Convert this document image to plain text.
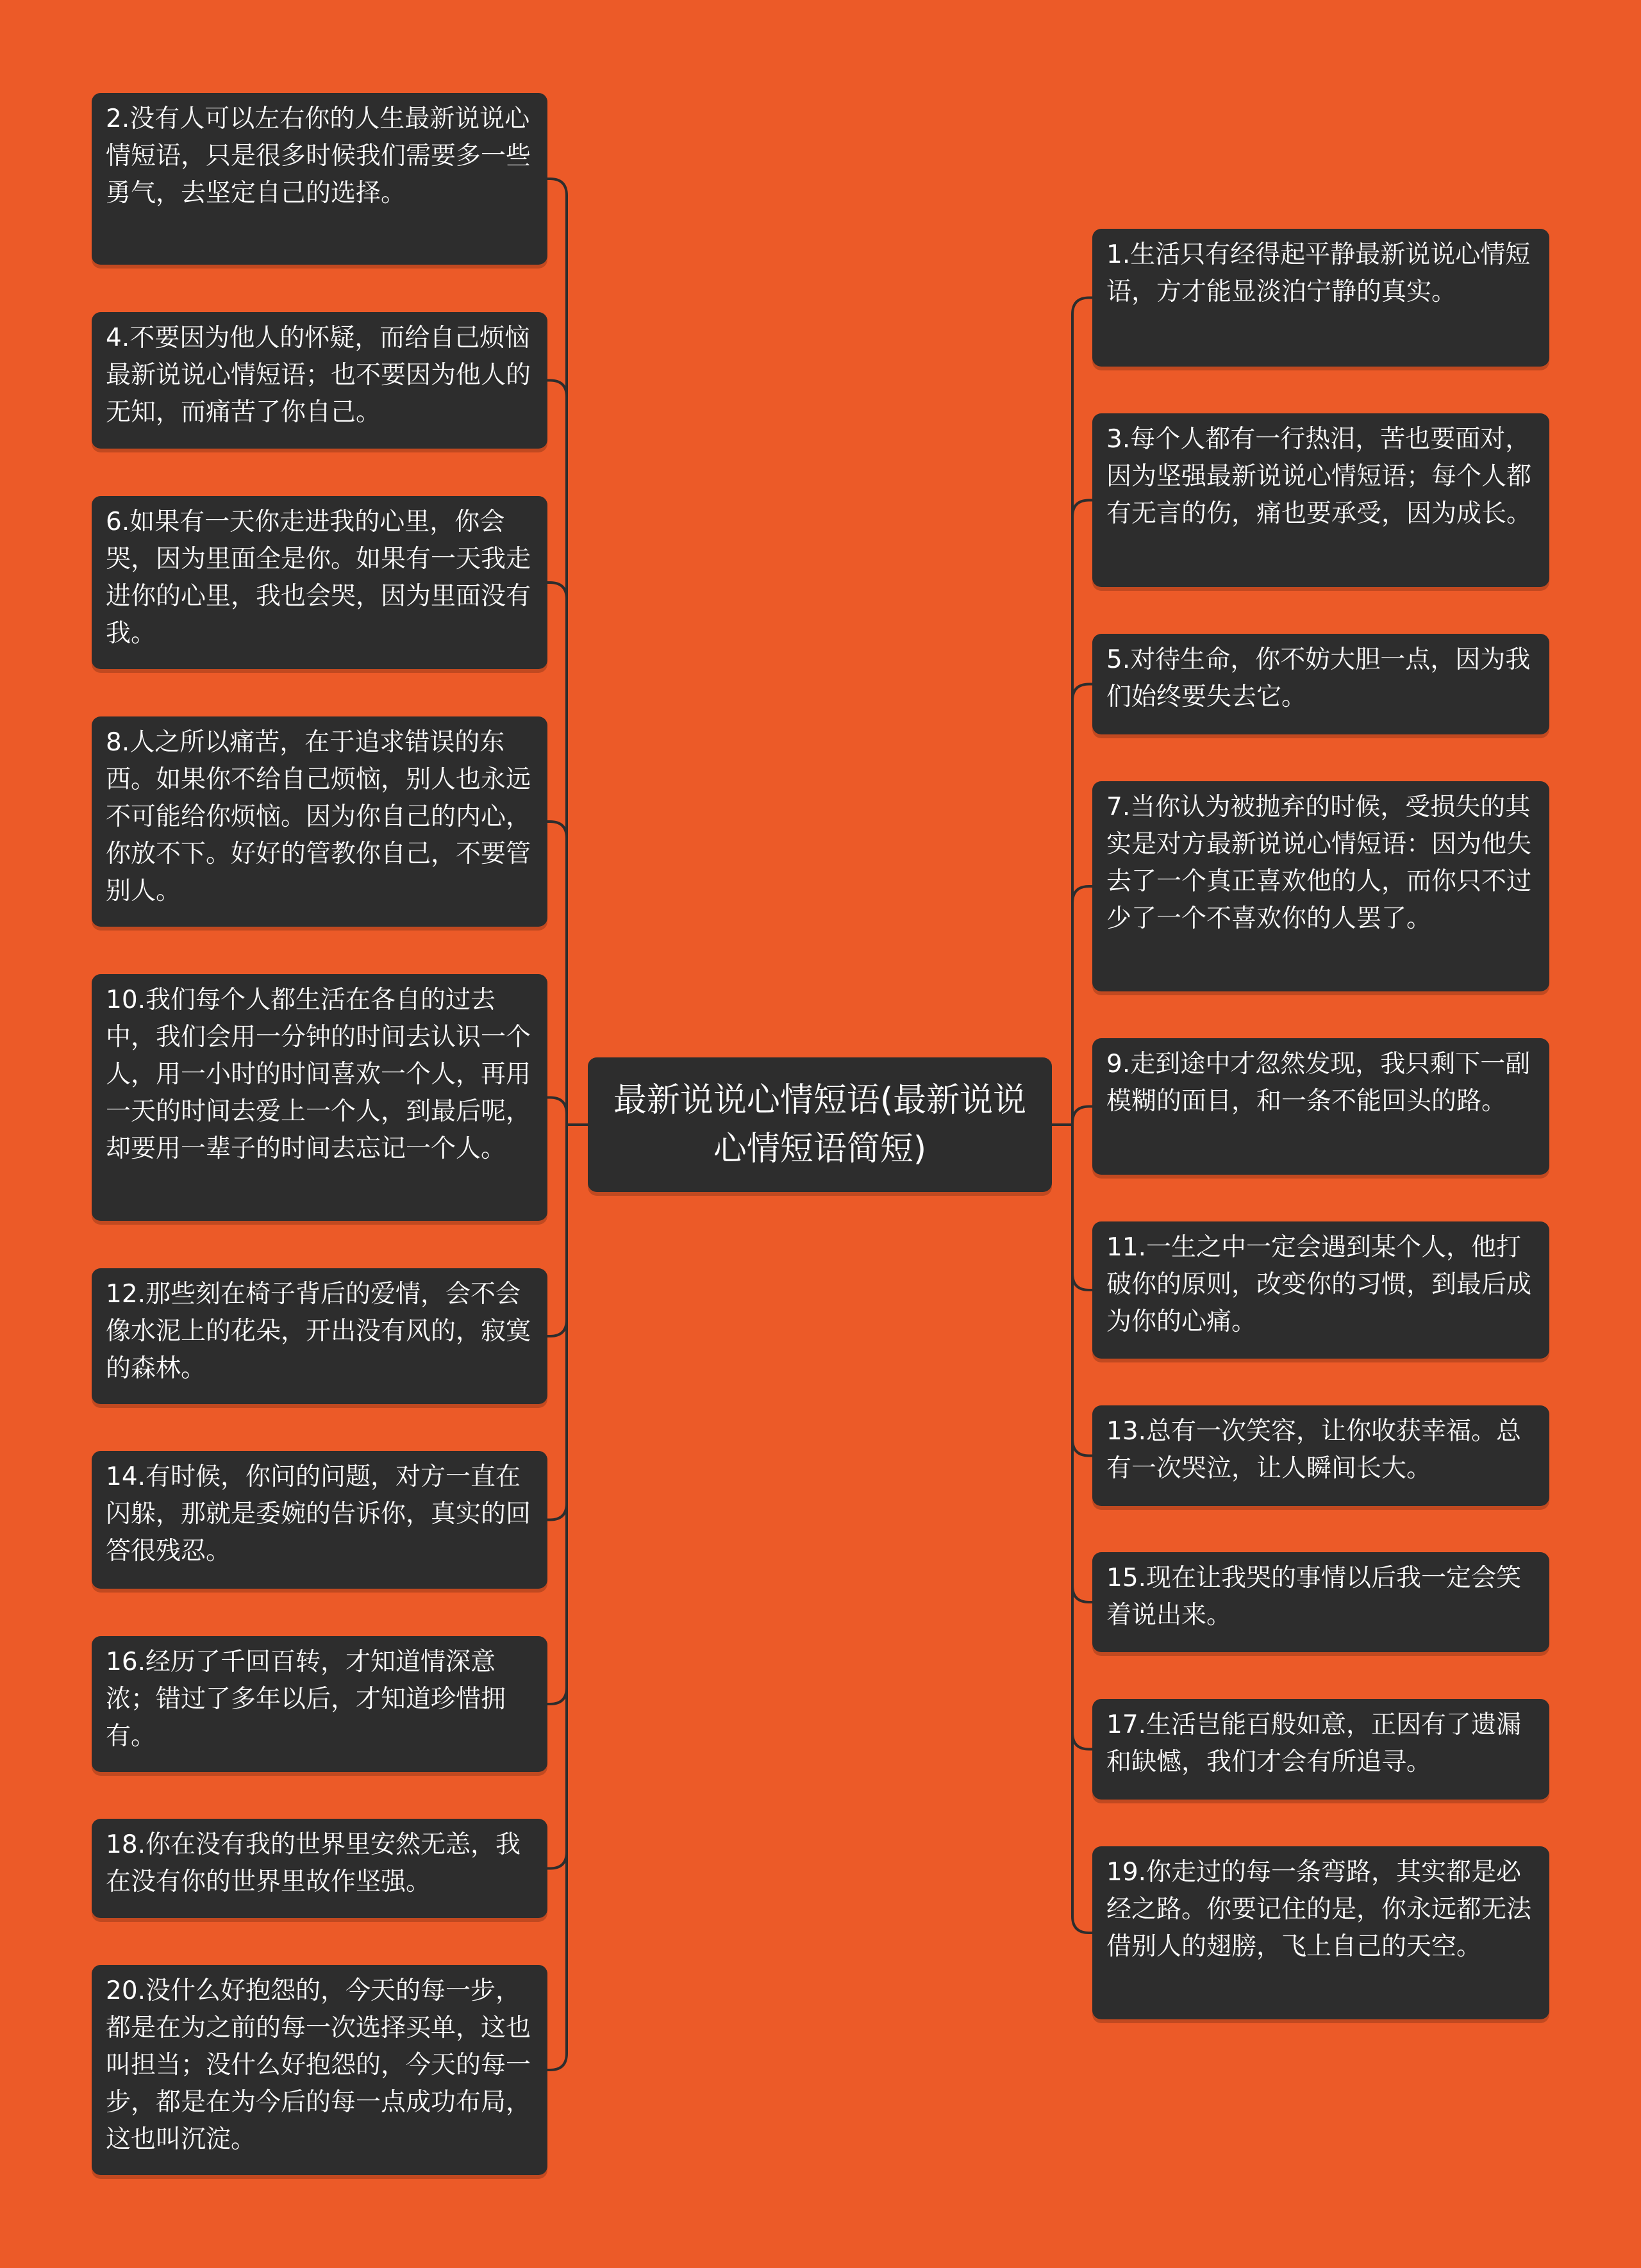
最新说说心情短语(最新说说心情短语简短)
2.没有人可以左右你的人生最新说说心情短语，只是很多时候我们需要多一些勇气，去坚定自己的选择。
4.不要因为他人的怀疑，而给自己烦恼最新说说心情短语；也不要因为他人的无知，而痛苦了你自己。
6.如果有一天你走进我的心里，你会哭，因为里面全是你。如果有一天我走进你的心里，我也会哭，因为里面没有我。
8.人之所以痛苦，在于追求错误的东西。如果你不给自己烦恼，别人也永远不可能给你烦恼。因为你自己的内心，你放不下。好好的管教你自己，不要管别人。
10.我们每个人都生活在各自的过去中，我们会用一分钟的时间去认识一个人，用一小时的时间喜欢一个人，再用一天的时间去爱上一个人，到最后呢，却要用一辈子的时间去忘记一个人。
12.那些刻在椅子背后的爱情，会不会像水泥上的花朵，开出没有风的，寂寞的森林。
14.有时候，你问的问题，对方一直在闪躲，那就是委婉的告诉你，真实的回答很残忍。
16.经历了千回百转，才知道情深意浓；错过了多年以后，才知道珍惜拥有。
18.你在没有我的世界里安然无恙，我在没有你的世界里故作坚强。
20.没什么好抱怨的，今天的每一步，都是在为之前的每一次选择买单，这也叫担当；没什么好抱怨的，今天的每一步，都是在为今后的每一点成功布局，这也叫沉淀。
1.生活只有经得起平静最新说说心情短语，方才能显淡泊宁静的真实。
3.每个人都有一行热泪，苦也要面对，因为坚强最新说说心情短语；每个人都有无言的伤，痛也要承受，因为成长。
5.对待生命，你不妨大胆一点，因为我们始终要失去它。
7.当你认为被抛弃的时候，受损失的其实是对方最新说说心情短语：因为他失去了一个真正喜欢他的人，而你只不过少了一个不喜欢你的人罢了。
9.走到途中才忽然发现，我只剩下一副模糊的面目，和一条不能回头的路。
11.一生之中一定会遇到某个人，他打破你的原则，改变你的习惯，到最后成为你的心痛。
13.总有一次笑容，让你收获幸福。总有一次哭泣，让人瞬间长大。
15.现在让我哭的事情以后我一定会笑着说出来。
17.生活岂能百般如意，正因有了遗漏和缺憾，我们才会有所追寻。
19.你走过的每一条弯路，其实都是必经之路。你要记住的是，你永远都无法借别人的翅膀，飞上自己的天空。
